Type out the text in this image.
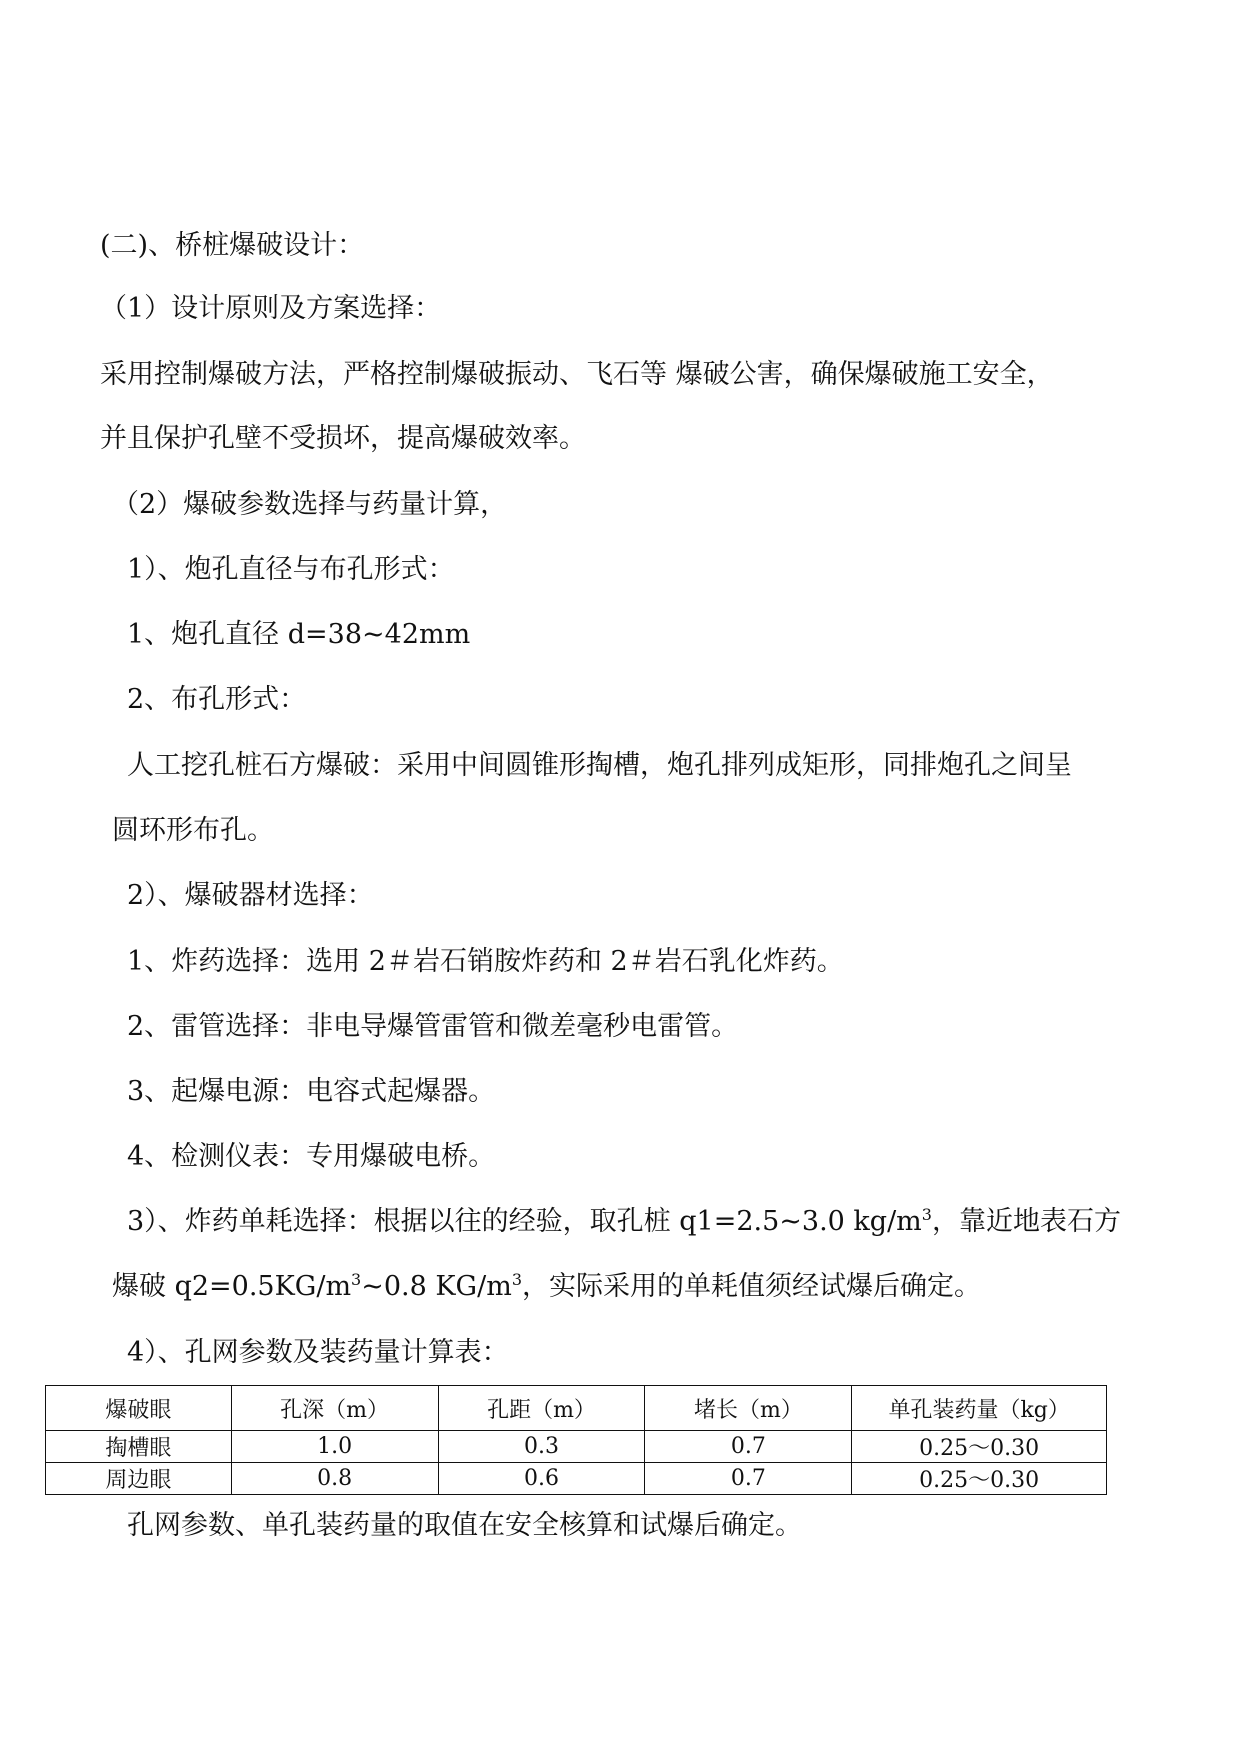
(二)、桥桩爆破设计：
（1）设计原则及方案选择：
采用控制爆破方法，严格控制爆破振动、飞石等 爆破公害，确保爆破施工安全，
并且保护孔壁不受损坏，提高爆破效率。
（2）爆破参数选择与药量计算，
1）、炮孔直径与布孔形式：
1、炮孔直径 d=38~42mm
2、布孔形式：
人工挖孔桩石方爆破：采用中间圆锥形掏槽，炮孔排列成矩形，同排炮孔之间呈
圆环形布孔。
2）、爆破器材选择：
1、炸药选择：选用 2＃岩石销胺炸药和 2＃岩石乳化炸药。
2、雷管选择：非电导爆管雷管和微差毫秒电雷管。
3、起爆电源：电容式起爆器。
4、检测仪表：专用爆破电桥。
3）、炸药单耗选择：根据以往的经验，取孔桩 q1=2.5~3.0 $kg/m^3$，靠近地表石方
爆破 $q2=0.5KG/m^3\sim 0.8$ $KG/m^3$，实际采用的单耗值须经试爆后确定。
4）、孔网参数及装药量计算表：
爆破眼	孔深（m）	孔距（m）	堵长（m）	单孔装药量（kg）
掏槽眼	1.0	0.3	0.7	0.25～0.30
周边眼	0.8	0.6	0.7	0.25～0.30
孔网参数、单孔装药量的取值在安全核算和试爆后确定。
